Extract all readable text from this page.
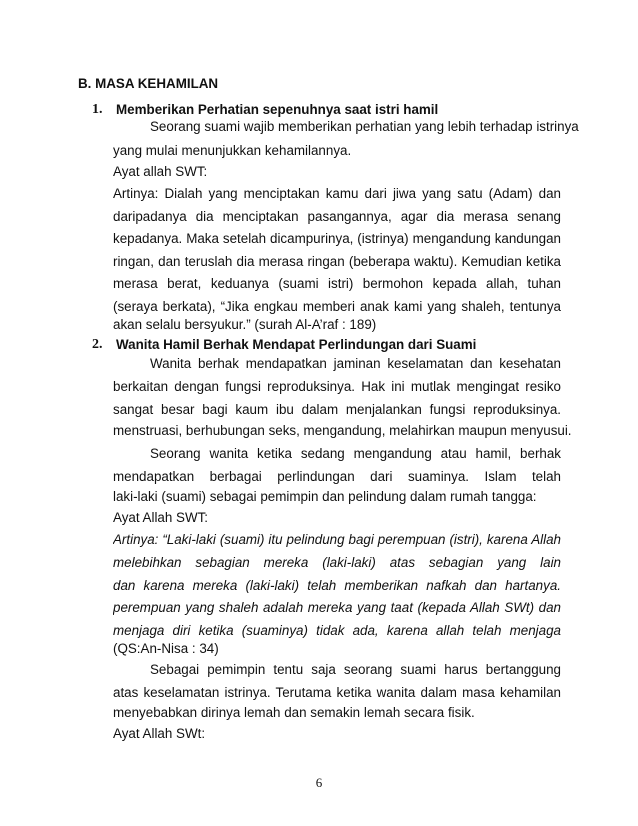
B. MASA KEHAMILAN
1. Memberikan Perhatian sepenuhnya saat istri hamil
Seorang suami wajib memberikan perhatian yang lebih terhadap istrinya
yang mulai menunjukkan kehamilannya.
Ayat allah SWT:
Artinya: Dialah yang menciptakan kamu dari jiwa yang satu (Adam) dan
daripadanya dia menciptakan pasangannya, agar dia merasa senang
kepadanya. Maka setelah dicampurinya, (istrinya) mengandung kandungan
ringan, dan teruslah dia merasa ringan (beberapa waktu). Kemudian ketika
merasa berat, keduanya (suami istri) bermohon kepada allah, tuhan
(seraya berkata), “Jika engkau memberi anak kami yang shaleh, tentunya
akan selalu bersyukur.” (surah Al-A’raf : 189)
2. Wanita Hamil Berhak Mendapat Perlindungan dari Suami
Wanita berhak mendapatkan jaminan keselamatan dan kesehatan
berkaitan dengan fungsi reproduksinya. Hak ini mutlak mengingat resiko
sangat besar bagi kaum ibu dalam menjalankan fungsi reproduksinya.
menstruasi, berhubungan seks, mengandung, melahirkan maupun menyusui.
Seorang wanita ketika sedang mengandung atau hamil, berhak
mendapatkan berbagai perlindungan dari suaminya. Islam telah
laki-laki (suami) sebagai pemimpin dan pelindung dalam rumah tangga:
Ayat Allah SWT:
Artinya: “Laki-laki (suami) itu pelindung bagi perempuan (istri), karena Allah
melebihkan sebagian mereka (laki-laki) atas sebagian yang lain
dan karena mereka (laki-laki) telah memberikan nafkah dan hartanya.
perempuan yang shaleh adalah mereka yang taat (kepada Allah SWt) dan
menjaga diri ketika (suaminya) tidak ada, karena allah telah menjaga
(QS:An-Nisa : 34)
Sebagai pemimpin tentu saja seorang suami harus bertanggung
atas keselamatan istrinya. Terutama ketika wanita dalam masa kehamilan
menyebabkan dirinya lemah dan semakin lemah secara fisik.
Ayat Allah SWt:
6
